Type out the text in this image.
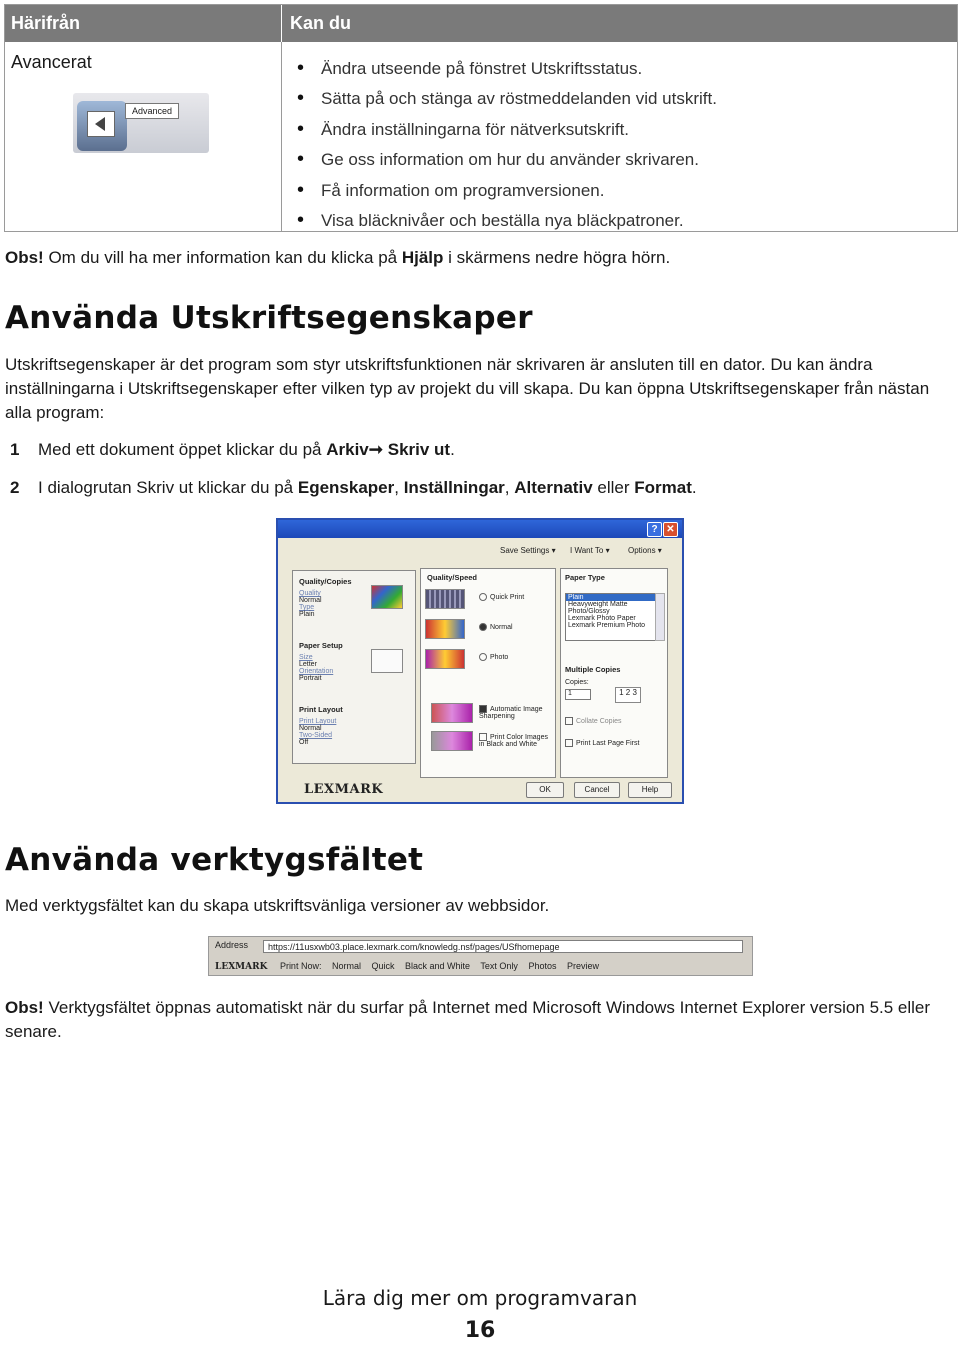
Härifrån	Kan du
Avancerat
Advanced
• Ändra utseende på fönstret Utskriftsstatus.
• Sätta på och stänga av röstmeddelanden vid utskrift.
• Ändra inställningarna för nätverksutskrift.
• Ge oss information om hur du använder skrivaren.
• Få information om programversionen.
• Visa bläcknivåer och beställa nya bläckpatroner.
Obs! Om du vill ha mer information kan du klicka på Hjälp i skärmens nedre högra hörn.
Använda Utskriftsegenskaper
Utskriftsegenskaper är det program som styr utskriftsfunktionen när skrivaren är ansluten till en dator. Du kan ändra inställningarna i Utskriftsegenskaper efter vilken typ av projekt du vill skapa. Du kan öppna Utskriftsegenskaper från nästan alla program:
1 Med ett dokument öppet klickar du på Arkiv➞ Skriv ut.
2 I dialogrutan Skriv ut klickar du på Egenskaper, Inställningar, Alternativ eller Format.
? ✕
Save Settings ▾ I Want To ▾ Options ▾
Quality/Copies
Quality
Normal
Type
Plain
Paper Setup
Size
Letter
Orientation
Portrait
Print Layout
Print Layout
Normal
Two-Sided
Off
Quality/Speed
Quick Print
Normal
Photo
Automatic Image Sharpening
Print Color Images in Black and White
Paper Type
Plain
Heavyweight Matte
Photo/Glossy
Lexmark Photo Paper
Lexmark Premium Photo
Multiple Copies
Copies:
1	1 2 3
Collate Copies
Print Last Page First
LEXMARK	OK	Cancel	Help
Använda verktygsfältet
Med verktygsfältet kan du skapa utskriftsvänliga versioner av webbsidor.
Address	https://11usxwb03.place.lexmark.com/knowledg.nsf/pages/USfhomepage
LEXMARK Print Now: Normal Quick Black and White Text Only Photos Preview
Obs! Verktygsfältet öppnas automatiskt när du surfar på Internet med Microsoft Windows Internet Explorer version 5.5 eller senare.
Lära dig mer om programvaran
16
